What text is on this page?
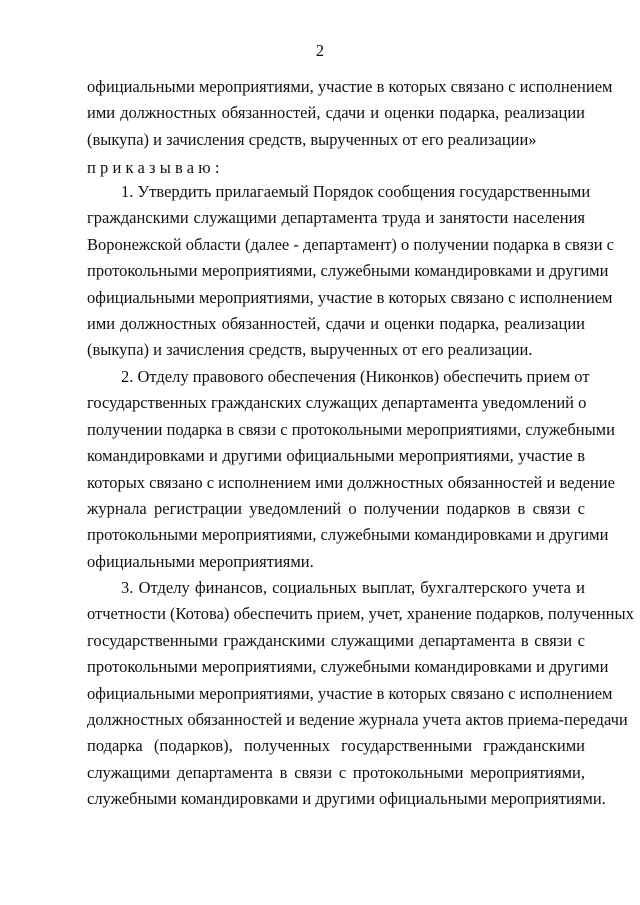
2
официальными мероприятиями, участие в которых связано с исполнением
ими должностных обязанностей, сдачи и оценки подарка, реализации
(выкупа) и зачисления средств, вырученных от его реализации»
приказываю:
1. Утвердить прилагаемый Порядок сообщения государственными
гражданскими служащими департамента труда и занятости населения
Воронежской области (далее - департамент) о получении подарка в связи с
протокольными мероприятиями, служебными командировками и другими
официальными мероприятиями, участие в которых связано с исполнением
ими должностных обязанностей, сдачи и оценки подарка, реализации
(выкупа) и зачисления средств, вырученных от его реализации.
2. Отделу правового обеспечения (Никонков) обеспечить прием от
государственных гражданских служащих департамента уведомлений о
получении подарка в связи с протокольными мероприятиями, служебными
командировками и другими официальными мероприятиями, участие в
которых связано с исполнением ими должностных обязанностей и ведение
журнала регистрации уведомлений о получении подарков в связи с
протокольными мероприятиями, служебными командировками и другими
официальными мероприятиями.
3. Отделу финансов, социальных выплат, бухгалтерского учета и
отчетности (Котова) обеспечить прием, учет, хранение подарков, полученных
государственными гражданскими служащими департамента в связи с
протокольными мероприятиями, служебными командировками и другими
официальными мероприятиями, участие в которых связано с исполнением
должностных обязанностей и ведение журнала учета актов приема-передачи
подарка (подарков), полученных государственными гражданскими
служащими департамента в связи с протокольными мероприятиями,
служебными командировками и другими официальными мероприятиями.
